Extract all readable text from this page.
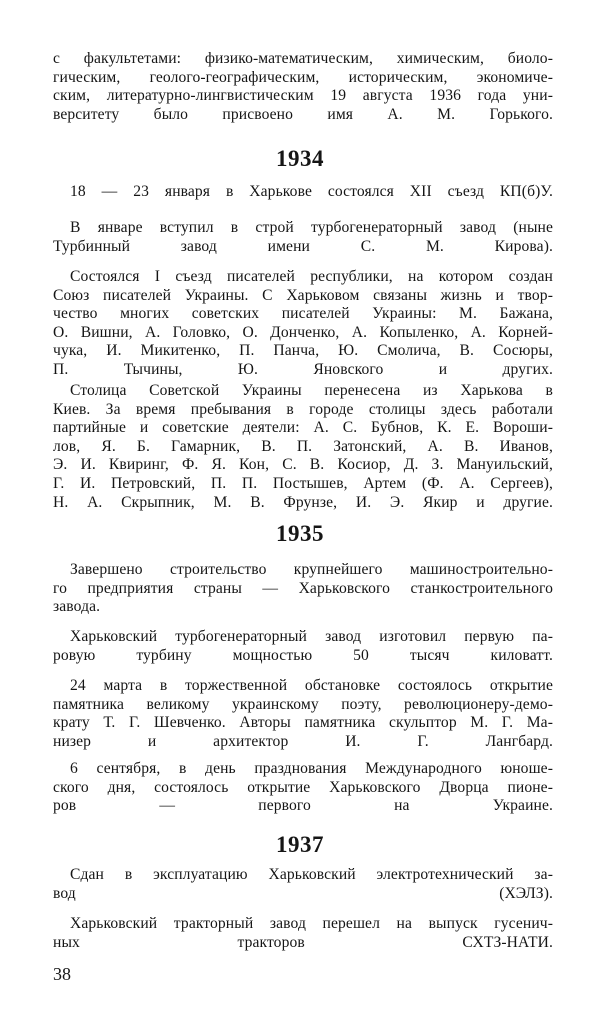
с факультетами: физико-математическим, химическим, биоло-
гическим, геолого-географическим, историческим, экономиче-
ским, литературно-лингвистическим 19 августа 1936 года уни-
верситету было присвоено имя А. М. Горького.
1934
18 — 23 января в Харькове состоялся XII съезд КП(б)У.
В январе вступил в строй турбогенераторный завод (ныне
Турбинный завод имени С. М. Кирова).
Состоялся I съезд писателей республики, на котором создан
Союз писателей Украины. С Харьковом связаны жизнь и твор-
чество многих советских писателей Украины: М. Бажана,
О. Вишни, А. Головко, О. Донченко, А. Копыленко, А. Корней-
чука, И. Микитенко, П. Панча, Ю. Смолича, В. Сосюры,
П. Тычины, Ю. Яновского и других.
Столица Советской Украины перенесена из Харькова в
Киев. За время пребывания в городе столицы здесь работали
партийные и советские деятели: А. С. Бубнов, К. Е. Вороши-
лов, Я. Б. Гамарник, В. П. Затонский, А. В. Иванов,
Э. И. Квиринг, Ф. Я. Кон, С. В. Косиор, Д. З. Мануильский,
Г. И. Петровский, П. П. Постышев, Артем (Ф. А. Сергеев),
Н. А. Скрыпник, М. В. Фрунзе, И. Э. Якир и другие.
1935
Завершено строительство крупнейшего машиностроительно-
го предприятия страны — Харьковского станкостроительного
завода.
Харьковский турбогенераторный завод изготовил первую па-
ровую турбину мощностью 50 тысяч киловатт.
24 марта в торжественной обстановке состоялось открытие
памятника великому украинскому поэту, революционеру-демо-
крату Т. Г. Шевченко. Авторы памятника скульптор М. Г. Ма-
низер и архитектор И. Г. Лангбард.
6 сентября, в день празднования Международного юноше-
ского дня, состоялось открытие Харьковского Дворца пионе-
ров — первого на Украине.
1937
Сдан в эксплуатацию Харьковский электротехнический за-
вод (ХЭЛЗ).
Харьковский тракторный завод перешел на выпуск гусенич-
ных тракторов СХТЗ-НАТИ.

38
